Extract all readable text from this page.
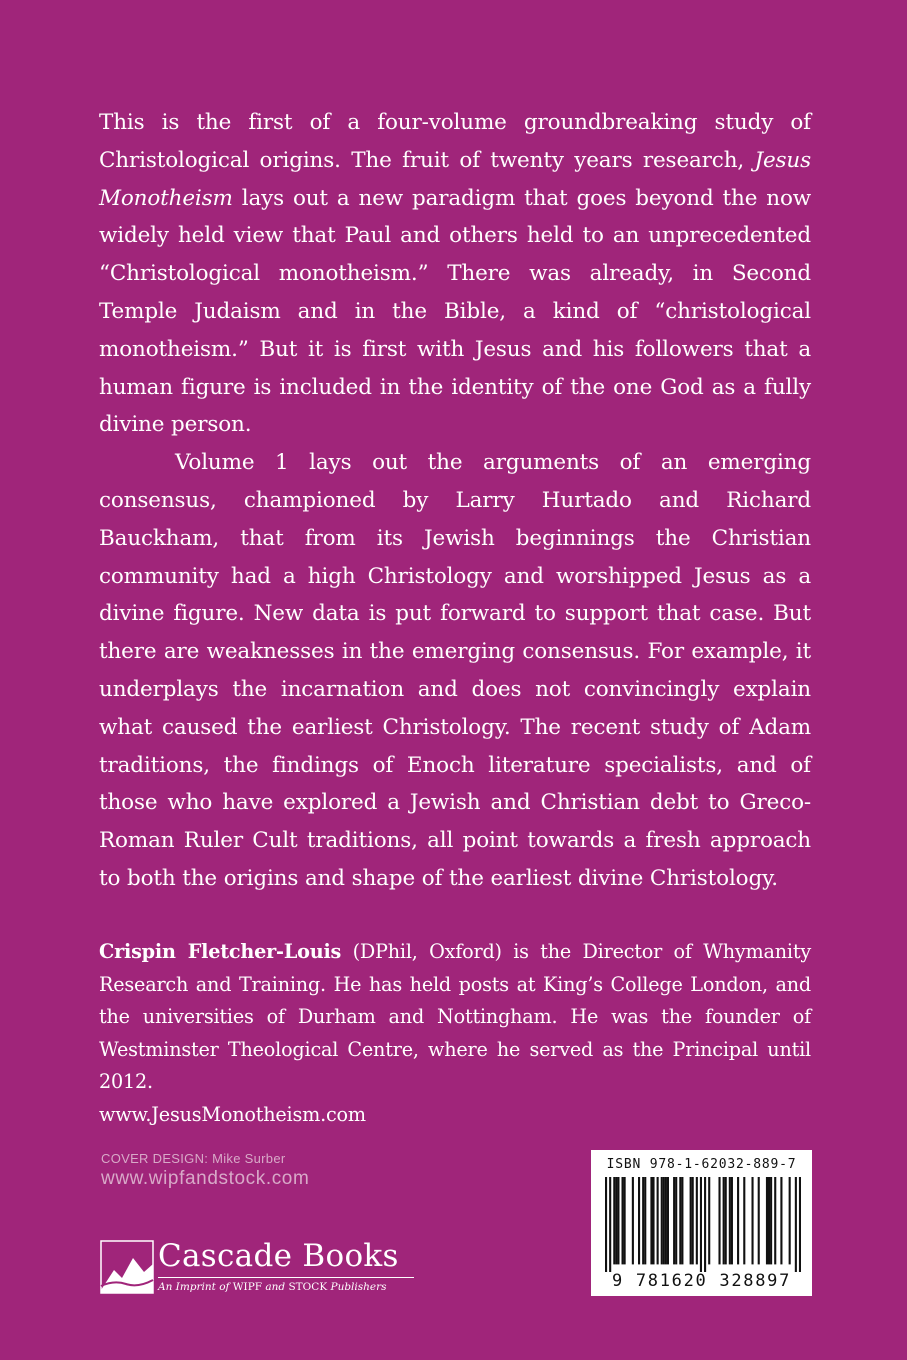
This is the first of a four-volume groundbreaking study of Christological origins. The fruit of twenty years research, Jesus Monotheism lays out a new paradigm that goes beyond the now widely held view that Paul and others held to an unprecedented “Christological monotheism.” There was already, in Second Temple Judaism and in the Bible, a kind of “christological monotheism.” But it is first with Jesus and his followers that a human figure is included in the identity of the one God as a fully divine person.

Volume 1 lays out the arguments of an emerging consensus, championed by Larry Hurtado and Richard Bauckham, that from its Jewish beginnings the Christian community had a high Christology and worshipped Jesus as a divine figure. New data is put forward to support that case. But there are weaknesses in the emerging consensus. For example, it underplays the incarnation and does not convincingly explain what caused the earliest Christology. The recent study of Adam traditions, the findings of Enoch literature specialists, and of those who have explored a Jewish and Christian debt to Greco-Roman Ruler Cult traditions, all point towards a fresh approach to both the origins and shape of the earliest divine Christology.

Crispin Fletcher-Louis (DPhil, Oxford) is the Director of Whymanity Research and Training. He has held posts at King’s College London, and the universities of Durham and Nottingham. He was the founder of Westminster Theological Centre, where he served as the Principal until 2012.

www.JesusMonotheism.com

COVER DESIGN: Mike Surber
www.wipfandstock.com
Cascade Books
An Imprint of WIPF and STOCK Publishers
ISBN 978-1-62032-889-7
9 781620 328897
